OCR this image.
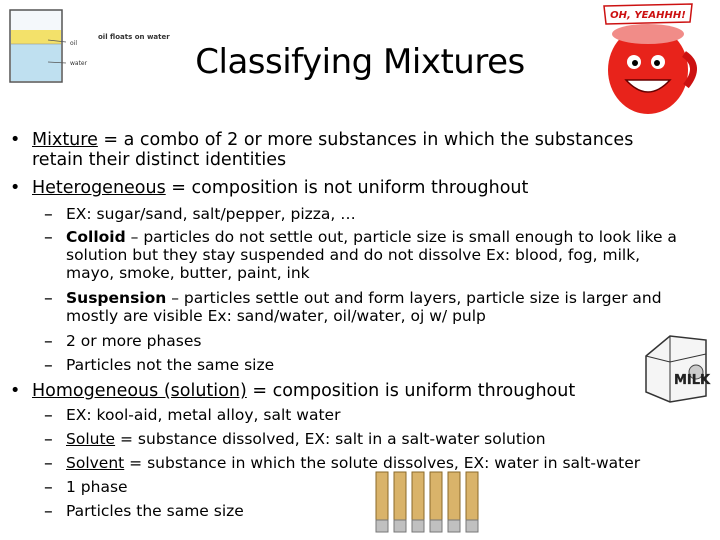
oil
water
oil floats on water
Classifying Mixtures
OH, YEAHHH!
MILK
• Mixture = a combo of 2 or more substances in which the substances
retain their distinct identities
• Heterogeneous = composition is not uniform throughout
– EX: sugar/sand, salt/pepper, pizza, …
– Colloid – particles do not settle out, particle size is small enough to look like a
solution but they stay suspended and do not dissolve Ex: blood, fog, milk,
mayo, smoke, butter, paint, ink
– Suspension – particles settle out and form layers, particle size is larger and
mostly are visible Ex: sand/water, oil/water, oj w/ pulp
– 2 or more phases
– Particles not the same size
• Homogeneous (solution) = composition is uniform throughout
– EX: kool-aid, metal alloy, salt water
– Solute = substance dissolved, EX: salt in a salt-water solution
– Solvent = substance in which the solute dissolves, EX: water in salt-water
– 1 phase
– Particles the same size
